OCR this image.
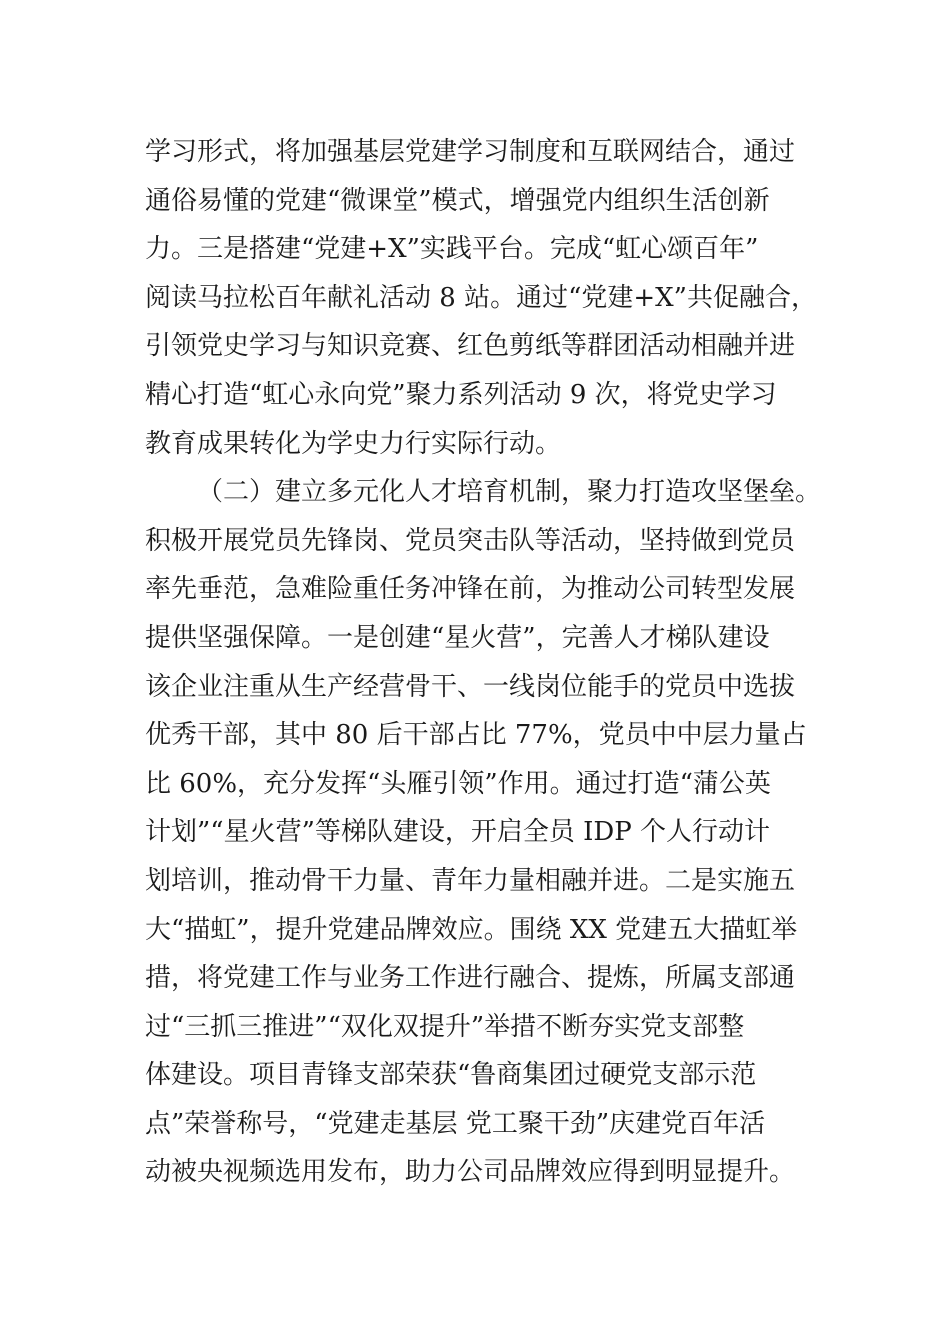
学习形式，将加强基层党建学习制度和互联网结合，通过
通俗易懂的党建“微课堂”模式，增强党内组织生活创新
力。三是搭建“党建+X”实践平台。完成“虹心颂百年”
阅读马拉松百年献礼活动 8 站。通过“党建+X”共促融合，
引领党史学习与知识竞赛、红色剪纸等群团活动相融并进
精心打造“虹心永向党”聚力系列活动 9 次，将党史学习
教育成果转化为学史力行实际行动。
（二）建立多元化人才培育机制，聚力打造攻坚堡垒。
积极开展党员先锋岗、党员突击队等活动，坚持做到党员
率先垂范，急难险重任务冲锋在前，为推动公司转型发展
提供坚强保障。一是创建“星火营”，完善人才梯队建设
该企业注重从生产经营骨干、一线岗位能手的党员中选拔
优秀干部，其中 80 后干部占比 77%，党员中中层力量占
比 60%，充分发挥“头雁引领”作用。通过打造“蒲公英
计划”“星火营”等梯队建设，开启全员 IDP 个人行动计
划培训，推动骨干力量、青年力量相融并进。二是实施五
大“描虹”，提升党建品牌效应。围绕 XX 党建五大描虹举
措，将党建工作与业务工作进行融合、提炼，所属支部通
过“三抓三推进”“双化双提升”举措不断夯实党支部整
体建设。项目青锋支部荣获“鲁商集团过硬党支部示范
点”荣誉称号，“党建走基层 党工聚干劲”庆建党百年活
动被央视频选用发布，助力公司品牌效应得到明显提升。
